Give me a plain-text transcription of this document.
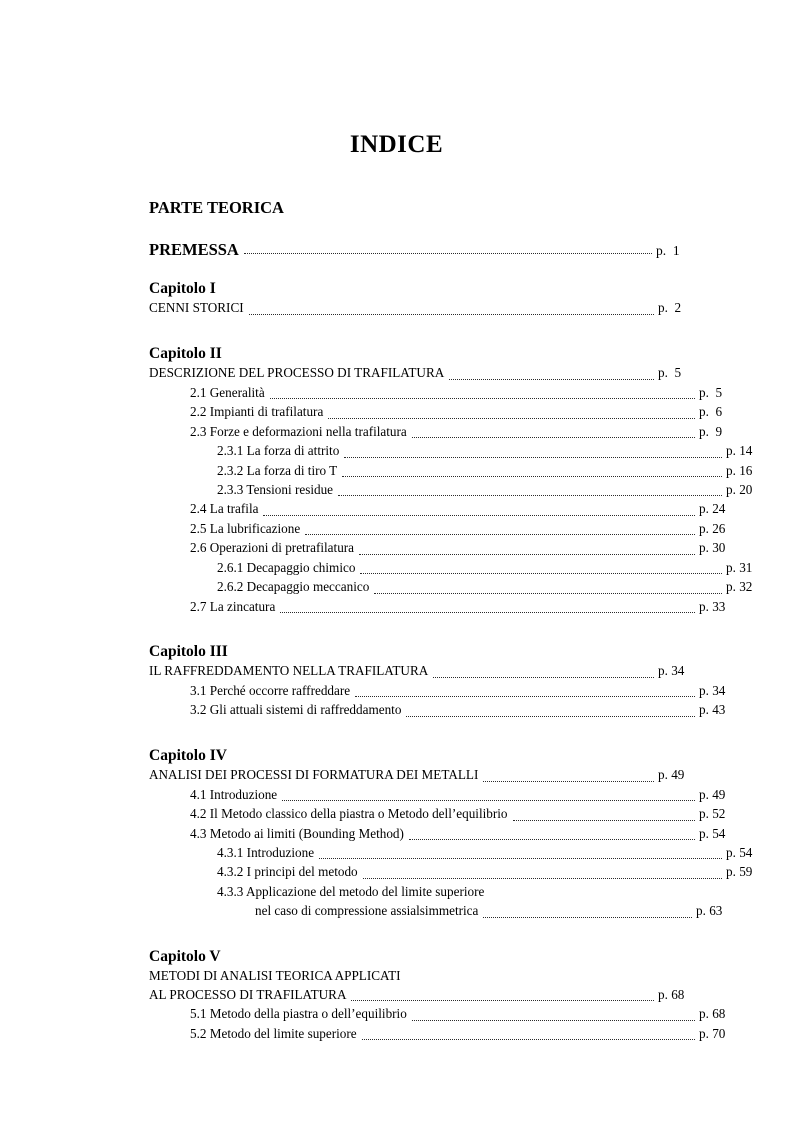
INDICE
PARTE TEORICA
PREMESSA	p.  1
Capitolo I
CENNI STORICI	p.  2
Capitolo II
DESCRIZIONE DEL PROCESSO DI TRAFILATURA	p.  5
2.1 Generalità	p.  5
2.2 Impianti di trafilatura	p.  6
2.3 Forze e deformazioni nella trafilatura	p.  9
2.3.1 La forza di attrito	p. 14
2.3.2 La forza di tiro T	p. 16
2.3.3 Tensioni residue	p. 20
2.4 La trafila	p. 24
2.5 La lubrificazione	p. 26
2.6 Operazioni di pretrafilatura	p. 30
2.6.1 Decapaggio chimico	p. 31
2.6.2 Decapaggio meccanico	p. 32
2.7 La zincatura	p. 33
Capitolo III
IL RAFFREDDAMENTO NELLA TRAFILATURA	p. 34
3.1 Perché occorre raffreddare	p. 34
3.2 Gli attuali sistemi di raffreddamento	p. 43
Capitolo IV
ANALISI DEI PROCESSI DI FORMATURA DEI METALLI	p. 49
4.1 Introduzione	p. 49
4.2 Il Metodo classico della piastra o Metodo dell’equilibrio	p. 52
4.3 Metodo ai limiti (Bounding Method)	p. 54
4.3.1 Introduzione	p. 54
4.3.2 I principi del metodo	p. 59
4.3.3 Applicazione del metodo del limite superiore
nel caso di compressione assialsimmetrica	p. 63
Capitolo V
METODI DI ANALISI TEORICA APPLICATI
AL PROCESSO DI TRAFILATURA	p. 68
5.1 Metodo della piastra o dell’equilibrio	p. 68
5.2 Metodo del limite superiore	p. 70
